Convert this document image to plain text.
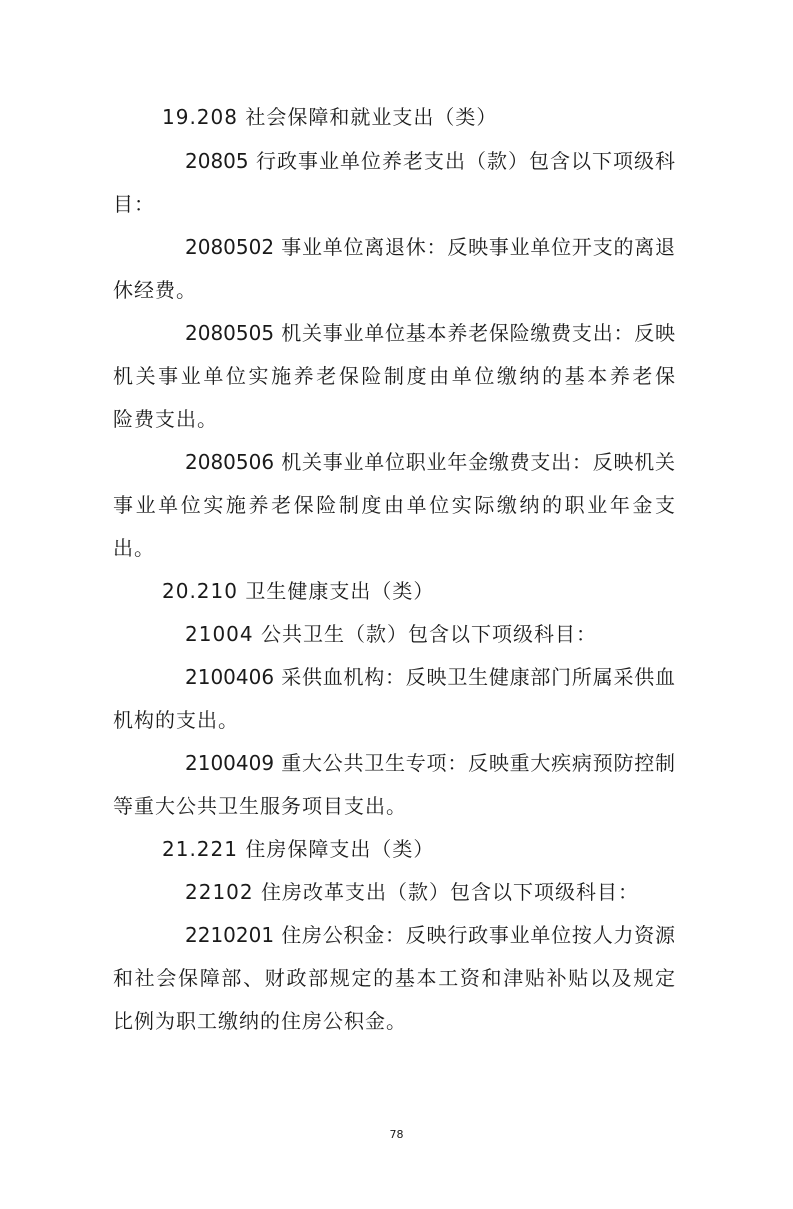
19.208 社会保障和就业支出（类）
20805 行政事业单位养老支出（款）包含以下项级科
目：
2080502 事业单位离退休：反映事业单位开支的离退
休经费。
2080505 机关事业单位基本养老保险缴费支出：反映
机关事业单位实施养老保险制度由单位缴纳的基本养老保
险费支出。
2080506 机关事业单位职业年金缴费支出：反映机关
事业单位实施养老保险制度由单位实际缴纳的职业年金支
出。
20.210 卫生健康支出（类）
21004 公共卫生（款）包含以下项级科目：
2100406 采供血机构：反映卫生健康部门所属采供血
机构的支出。
2100409 重大公共卫生专项：反映重大疾病预防控制
等重大公共卫生服务项目支出。
21.221 住房保障支出（类）
22102 住房改革支出（款）包含以下项级科目：
2210201 住房公积金：反映行政事业单位按人力资源
和社会保障部、财政部规定的基本工资和津贴补贴以及规定
比例为职工缴纳的住房公积金。
78
